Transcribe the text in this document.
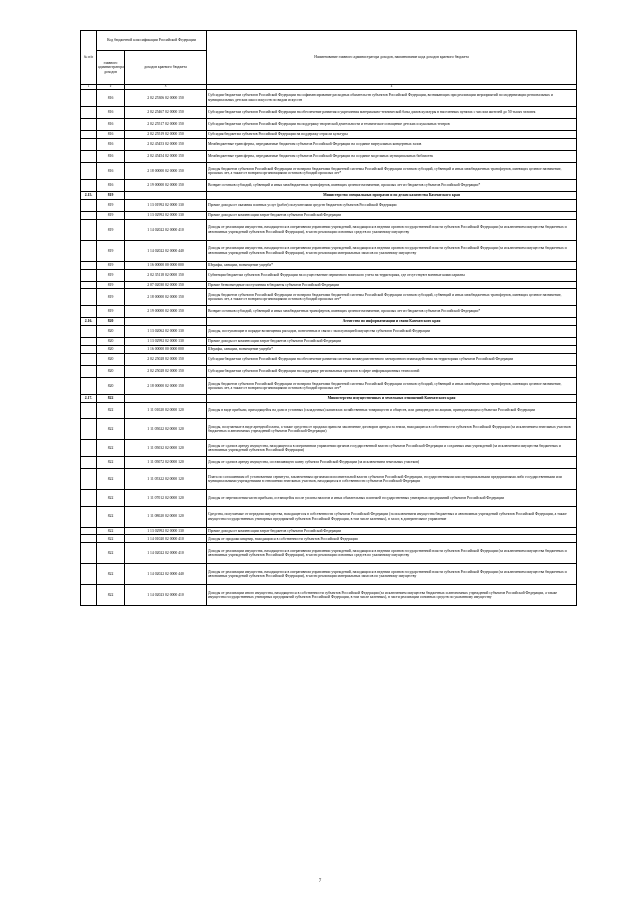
№ п/п	Код бюджетной классификации Российской Федерации		Наименование главного администратора доходов, наименование кода доходов краевого бюджета
	главного администратора доходов	доходов краевого бюджета	
1	2	3	4
	816	2 02 25306 02 0000 150	Субсидии бюджетам субъектов Российской Федерации на софинансирование расходных обязательств субъектов Российской Федерации, возникающих при реализации мероприятий по модернизации региональных и муниципальных детских школ искусств по видам искусств
	816	2 02 25467 02 0000 150	Субсидии бюджетам субъектов Российской Федерации на обеспечение развития и укрепления материально-технической базы домов культуры в населенных пунктах с числом жителей до 50 тысяч человек
	816	2 02 25517 02 0000 150	Субсидии бюджетам субъектов Российской Федерации на поддержку творческой деятельности и техническое оснащение детских и кукольных театров
	816	2 02 25519 02 0000 150	Субсидия бюджетам субъектов Российской Федерации на поддержку отрасли культуры
	816	2 02 45453 02 0000 150	Межбюджетные трансферты, передаваемые бюджетам субъектов Российской Федерации на создание виртуальных концертных залов
	816	2 02 45454 02 0000 150	Межбюджетные трансферты, передаваемые бюджетам субъектов Российской Федерации на создание модельных муниципальных библиотек
	816	2 18 00000 02 0000 150	Доходы бюджетов субъектов Российской Федерации от возврата бюджетами бюджетной системы Российской Федерации остатков субсидий, субвенций и иных межбюджетных трансфертов, имеющих целевое назначение, прошлых лет, а также от возврата организациями остатков субсидий прошлых лет*
	816	2 19 00000 02 0000 150	Возврат остатков субсидий, субвенций и иных межбюджетных трансфертов, имеющих целевое назначение, прошлых лет из бюджетов субъектов Российской Федерации*
2.15.	819		Министерство специальных программ и по делам казачества Камчатского края
	819	1 13 01992 02 0000 130	Прочие доходы от оказания платных услуг (работ) получателями средств бюджетов субъектов Российской Федерации
	819	1 13 02992 02 0000 130	Прочие доходы от компенсации затрат бюджетов субъектов Российской Федерации
	819	1 14 02022 02 0000 410	Доходы от реализации имущества, находящегося в оперативном управлении учреждений, находящихся в ведении органов государственной власти субъектов Российской Федерации (за исключением имущества бюджетных и автономных учреждений субъектов Российской Федерации), в части реализации основных средств по указанному имуществу
	819	1 14 02022 02 0000 440	Доходы от реализации имущества, находящегося в оперативном управлении учреждений, находящихся в ведении органов государственной власти субъектов Российской Федерации (за исключением имущества бюджетных и автономных учреждений субъектов Российской Федерации), в части реализации материальных запасов по указанному имуществу
	819	1 16 00000 00 0000 000	Штрафы, санкции, возмещение ущерба*
	819	2 02 35118 02 0000 150	Субвенции бюджетам субъектов Российской Федерации на осуществление первичного воинского учета на территориях, где отсутствуют военные комиссариаты
	819	2 07 02030 02 0000 150	Прочие безвозмездные поступления в бюджеты субъектов Российской Федерации
	819	2 18 00000 02 0000 150	Доходы бюджетов субъектов Российской Федерации от возврата бюджетами бюджетной системы Российской Федерации остатков субсидий, субвенций и иных межбюджетных трансфертов, имеющих целевое назначение, прошлых лет, а также от возврата организациями остатков субсидий прошлых лет*
	819	2 19 00000 02 0000 150	Возврат остатков субсидий, субвенций и иных межбюджетных трансфертов, имеющих целевое назначение, прошлых лет из бюджетов субъектов Российской Федерации*
2.16.	820		Агентство по информатизации и связи Камчатского края
	820	1 13 02062 02 0000 130	Доходы, поступающие в порядке возмещения расходов, понесенных в связи с эксплуатацией имущества субъектов Российской Федерации
	820	1 13 02992 02 0000 130	Прочие доходы от компенсации затрат бюджетов субъектов Российской Федерации
	820	1 16 00000 00 0000 000	Штрафы, санкции, возмещение ущерба*
	820	2 02 25028 02 0000 150	Субсидии бюджетам субъектов Российской Федерации на обеспечение развития системы межведомственного электронного взаимодействия на территориях субъектов Российской Федерации
	820	2 02 25028 02 0000 150	Субсидии бюджетам субъектов Российской Федерации на поддержку региональных проектов в сфере информационных технологий
	820	2 18 00000 02 0000 150	Доходы бюджетов субъектов Российской Федерации от возврата бюджетами бюджетной системы Российской Федерации остатков субсидий, субвенций и иных межбюджетных трансфертов, имеющих целевое назначение, прошлых лет, а также от возврата организациями остатков субсидий прошлых лет*
2.17.	822		Министерство имущественных и земельных отношений Камчатского края
	822	1 11 01020 02 0000 120	Доходы в виде прибыли, приходящейся на доли в уставных (складочных) капиталах хозяйственных товариществ и обществ, или дивидендов по акциям, принадлежащим субъектам Российской Федерации
	822	1 11 05022 02 0000 120	Доходы, получаемые в виде арендной платы, а также средства от продажи права на заключение договоров аренды за земли, находящиеся в собственности субъектов Российской Федерации (за исключением земельных участков бюджетных и автономных учреждений субъектов Российской Федерации)
	822	1 11 05032 02 0000 120	Доходы от сдачи в аренду имущества, находящегося в оперативном управлении органов государственной власти субъектов Российской Федерации и созданных ими учреждений (за исключением имущества бюджетных и автономных учреждений субъектов Российской Федерации)
	822	1 11 05072 02 0000 120	Доходы от сдачи в аренду имущества, составляющего казну субъекта Российской Федерации (за исключением земельных участков)
	822	1 11 05322 02 0000 120	Плата по соглашениям об установлении сервитута, заключенным органами исполнительной власти субъектов Российской Федерации, государственными или муниципальными предприятиями либо государственными или муниципальными учреждениями в отношении земельных участков, находящихся в собственности субъектов Российской Федерации
	822	1 11 07012 02 0000 120	Доходы от перечисления части прибыли, остающейся после уплаты налогов и иных обязательных платежей государственных унитарных предприятий субъектов Российской Федерации
	822	1 11 08020 02 0000 120	Средства, получаемые от передачи имущества, находящегося в собственности субъектов Российской Федерации (за исключением имущества бюджетных и автономных учреждений субъектов Российской Федерации, а также имущества государственных унитарных предприятий субъектов Российской Федерации, в том числе казенных), в залог, в доверительное управление
	822	1 13 02992 02 0000 130	Прочие доходы от компенсации затрат бюджетов субъектов Российской Федерации
	822	1 14 01020 02 0000 410	Доходы от продажи квартир, находящихся в собственности субъектов Российской Федерации
	822	1 14 02022 02 0000 410	Доходы от реализации имущества, находящегося в оперативном управлении учреждений, находящихся в ведении органов государственной власти субъектов Российской Федерации (за исключением имущества бюджетных и автономных учреждений субъектов Российской Федерации), в части реализации основных средств по указанному имуществу
	822	1 14 02022 02 0000 440	Доходы от реализации имущества, находящегося в оперативном управлении учреждений, находящихся в ведении органов государственной власти субъектов Российской Федерации (за исключением имущества бюджетных и автономных учреждений субъектов Российской Федерации), в части реализации материальных запасов по указанному имуществу
	822	1 14 02023 02 0000 410	Доходы от реализации иного имущества, находящегося в собственности субъектов Российской Федерации (за исключением имущества бюджетных и автономных учреждений субъектов Российской Федерации, а также имущества государственных унитарных предприятий субъектов Российской Федерации, в том числе казенных), в части реализации основных средств по указанному имуществу
7
